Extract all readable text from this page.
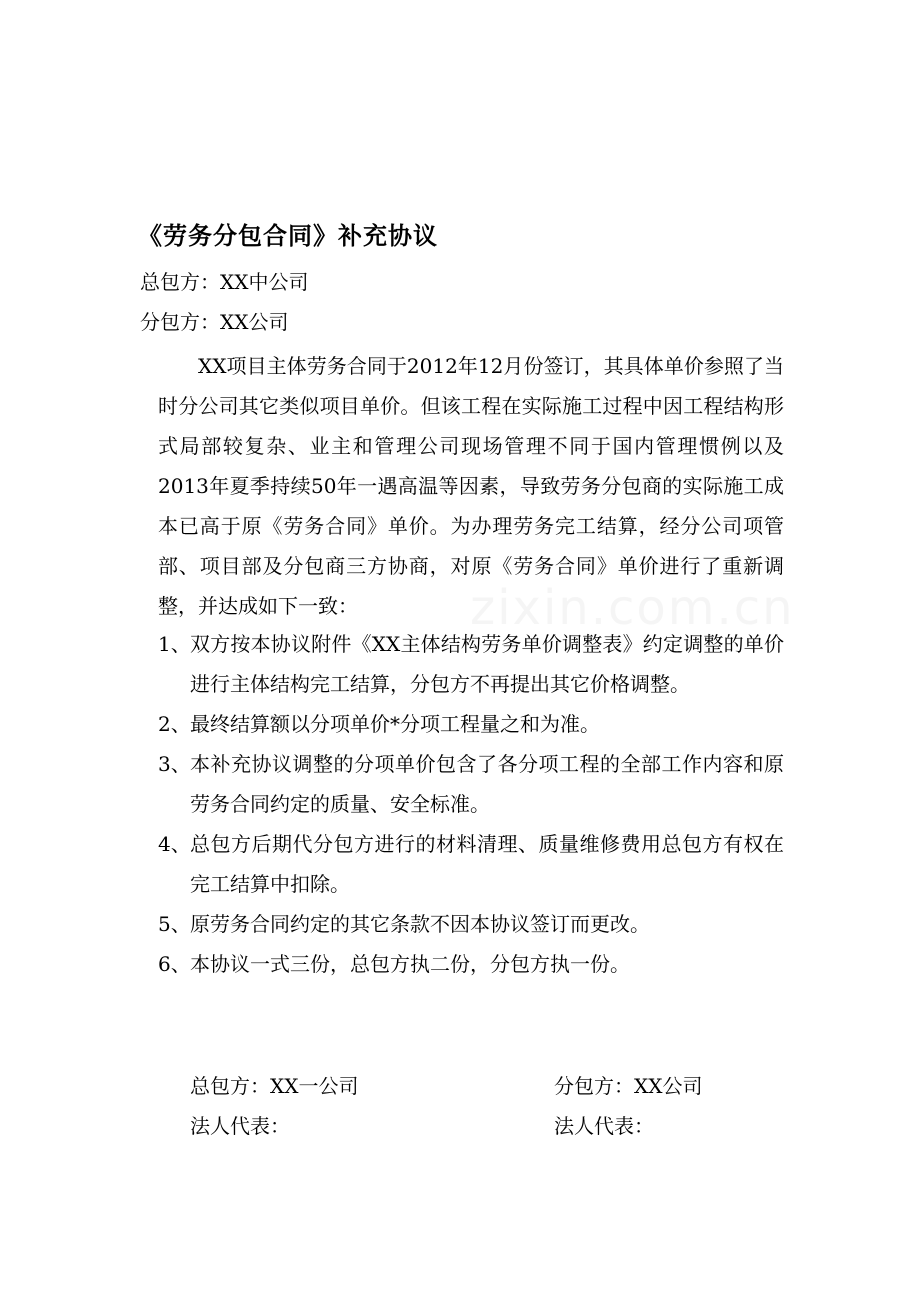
《劳务分包合同》补充协议
总包方：XX中公司
分包方：XX公司
XX项目主体劳务合同于2012年12月份签订，其具体单价参照了当时分公司其它类似项目单价。但该工程在实际施工过程中因工程结构形式局部较复杂、业主和管理公司现场管理不同于国内管理惯例以及2013年夏季持续50年一遇高温等因素，导致劳务分包商的实际施工成本已高于原《劳务合同》单价。为办理劳务完工结算，经分公司项管部、项目部及分包商三方协商，对原《劳务合同》单价进行了重新调整，并达成如下一致：
1、 双方按本协议附件《XX主体结构劳务单价调整表》约定调整的单价进行主体结构完工结算，分包方不再提出其它价格调整。
2、 最终结算额以分项单价*分项工程量之和为准。
3、 本补充协议调整的分项单价包含了各分项工程的全部工作内容和原劳务合同约定的质量、安全标准。
4、 总包方后期代分包方进行的材料清理、质量维修费用总包方有权在完工结算中扣除。
5、 原劳务合同约定的其它条款不因本协议签订而更改。
6、 本协议一式三份，总包方执二份，分包方执一份。
总包方：XX一公司
法人代表：
分包方：XX公司
法人代表：
zixin.com.cn
